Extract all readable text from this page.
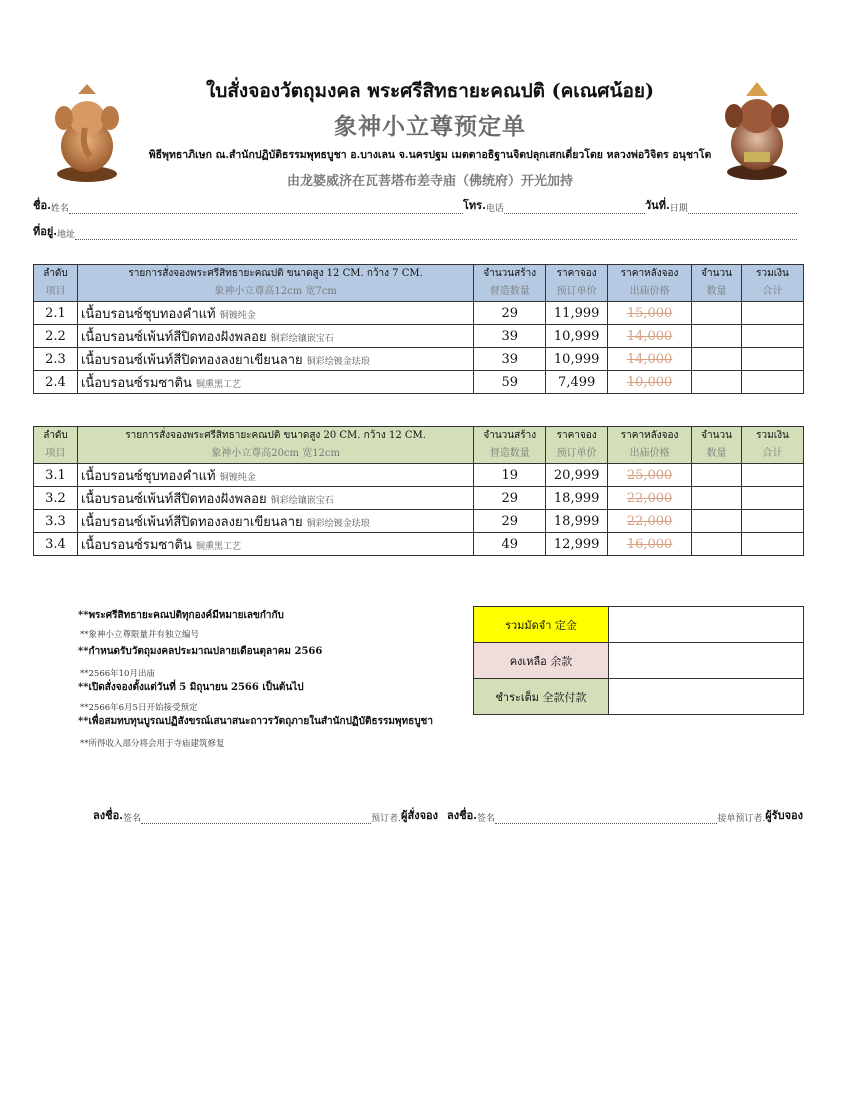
ใบสั่งจองวัตถุมงคล พระศรีสิทธายะคณปติ (คเณศน้อย)
象神小立尊预定单
พิธีพุทธาภิเษก ณ.สำนักปฏิบัติธรรมพุทธบูชา อ.บางเลน จ.นครปฐม เมตตาอธิฐานจิตปลุกเสกเดี่ยวโดย หลวงพ่อวิจิตร อนุชาโต
由龙婆威济在瓦菩塔布差寺庙（佛统府）开光加持
ชื่อ. 姓名	โทร. 电话	วันที่. 日期
ที่อยู่. 地址
ลำดับ	รายการสั่งจองพระศรีสิทธายะคณปติ ขนาดสูง 12 CM. กว้าง 7 CM.	จำนวนสร้าง	ราคาจอง	ราคาหลังจอง	จำนวน	รวมเงิน
项目	象神小立尊高12cm 宽7cm	督造数量	预订单价	出庙价格	数量	合计
2.1	เนื้อบรอนซ์ชุบทองคำแท้ 铜镀纯金	29	11,999	15,000		
2.2	เนื้อบรอนซ์เพ้นท์สีปิดทองฝังพลอย 铜彩绘镶嵌宝石	39	10,999	14,000		
2.3	เนื้อบรอนซ์เพ้นท์สีปิดทองลงยาเขียนลาย 铜彩绘镀金珐琅	39	10,999	14,000		
2.4	เนื้อบรอนซ์รมซาติน 铜熏黑工艺	59	7,499	10,000		
ลำดับ	รายการสั่งจองพระศรีสิทธายะคณปติ ขนาดสูง 20 CM. กว้าง 12 CM.	จำนวนสร้าง	ราคาจอง	ราคาหลังจอง	จำนวน	รวมเงิน
项目	象神小立尊高20cm 宽12cm	督造数量	预订单价	出庙价格	数量	合计
3.1	เนื้อบรอนซ์ชุบทองคำแท้ 铜镀纯金	19	20,999	25,000		
3.2	เนื้อบรอนซ์เพ้นท์สีปิดทองฝังพลอย 铜彩绘镶嵌宝石	29	18,999	22,000		
3.3	เนื้อบรอนซ์เพ้นท์สีปิดทองลงยาเขียนลาย 铜彩绘镀金珐琅	29	18,999	22,000		
3.4	เนื้อบรอนซ์รมซาติน 铜熏黑工艺	49	12,999	16,000		
**พระศรีสิทธายะคณปติทุกองค์มีหมายเลขกำกับ
**象神小立尊限量并有独立编号
**กำหนดรับวัตถุมงคลประมาณปลายเดือนตุลาคม 2566
**2566年10月出庙
**เปิดสั่งจองตั้งแต่วันที่ 5 มิถุนายน 2566 เป็นต้นไป
**2566年6月5日开始接受预定
**เพื่อสมทบทุนบูรณปฏิสังขรณ์เสนาสนะถาวรวัตถุภายในสำนักปฏิบัติธรรมพุทธบูชา
**所得收入部分将会用于寺庙建筑修复
รวมมัดจำ 定金	
คงเหลือ 余款	
ชำระเต็ม 全款付款	
ลงชื่อ. 签名	预订者. ผู้สั่งจอง ลงชื่อ. 签名	接单预订者. ผู้รับจอง
